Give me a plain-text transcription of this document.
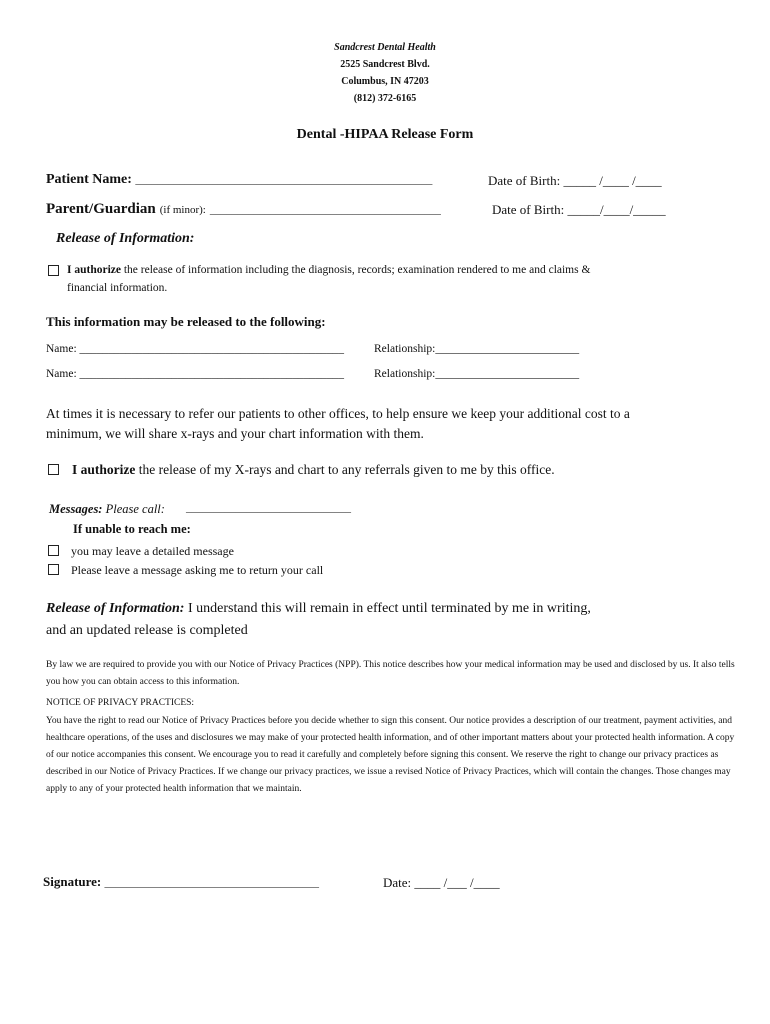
Sandcrest Dental Health
2525 Sandcrest Blvd.
Columbus, IN 47203
(812) 372-6165
Dental -HIPAA Release Form
Patient Name: ______________________________________________________	Date of Birth: _____ /____ /____
Parent/Guardian (if minor): __________________________________________	Date of Birth: _____/____/_____
Release of Information:
I authorize the release of information including the diagnosis, records; examination rendered to me and claims &
financial information.
This information may be released to the following:
Name: ______________________________________________	Relationship:_________________________
Name: ______________________________________________	Relationship:_________________________
At times it is necessary to refer our patients to other offices, to help ensure we keep your additional cost to a
minimum, we will share x-rays and your chart information with them.
I authorize the release of my X-rays and chart to any referrals given to me by this office.
Messages: Please call: ______________________________
If unable to reach me:
you may leave a detailed message
Please leave a message asking me to return your call
Release of Information: I understand this will remain in effect until terminated by me in writing,
and an updated release is completed
By law we are required to provide you with our Notice of Privacy Practices (NPP). This notice describes how your medical information may be used and disclosed by us. It also tells you how you can obtain access to this information.
NOTICE OF PRIVACY PRACTICES:
You have the right to read our Notice of Privacy Practices before you decide whether to sign this consent. Our notice provides a description of our treatment, payment activities, and healthcare operations, of the uses and disclosures we may make of your protected health information, and of other important matters about your protected health information. A copy of our notice accompanies this consent. We encourage you to read it carefully and completely before signing this consent. We reserve the right to change our privacy practices as described in our Notice of Privacy Practices. If we change our privacy practices, we issue a revised Notice of Privacy Practices, which will contain the changes. Those changes may apply to any of your protected health information that we maintain.
Signature: _______________________________________	Date: ____ /___ /____
